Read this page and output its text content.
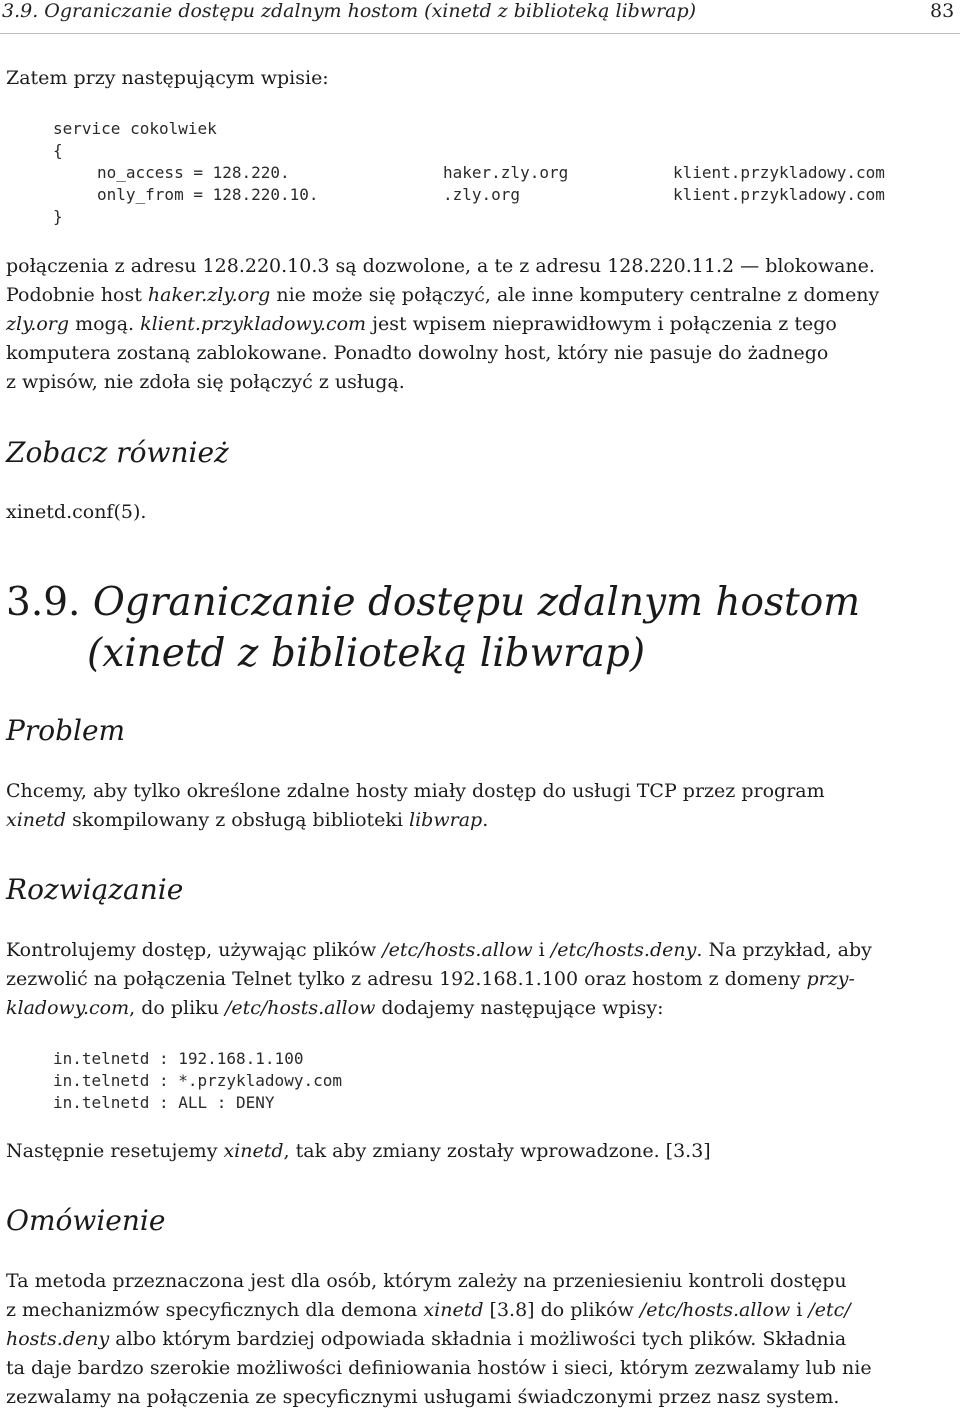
3.9. Ograniczanie dostępu zdalnym hostom (xinetd z biblioteką libwrap)	83
Zatem przy następującym wpisie:
service cokolwiek
{
no_access = 128.220.	haker.zly.org	klient.przykladowy.com
only_from = 128.220.10.	.zly.org	klient.przykladowy.com
}
połączenia z adresu 128.220.10.3 są dozwolone, a te z adresu 128.220.11.2 — blokowane.
Podobnie host haker.zly.org nie może się połączyć, ale inne komputery centralne z domeny
zly.org mogą. klient.przykladowy.com jest wpisem nieprawidłowym i połączenia z tego
komputera zostaną zablokowane. Ponadto dowolny host, który nie pasuje do żadnego
z wpisów, nie zdoła się połączyć z usługą.
Zobacz również
xinetd.conf(5).
3.9. Ograniczanie dostępu zdalnym hostom
(xinetd z biblioteką libwrap)
Problem
Chcemy, aby tylko określone zdalne hosty miały dostęp do usługi TCP przez program
xinetd skompilowany z obsługą biblioteki libwrap.
Rozwiązanie
Kontrolujemy dostęp, używając plików /etc/hosts.allow i /etc/hosts.deny. Na przykład, aby
zezwolić na połączenia Telnet tylko z adresu 192.168.1.100 oraz hostom z domeny przy-
kladowy.com, do pliku /etc/hosts.allow dodajemy następujące wpisy:
in.telnetd : 192.168.1.100
in.telnetd : *.przykladowy.com
in.telnetd : ALL : DENY
Następnie resetujemy xinetd, tak aby zmiany zostały wprowadzone. [3.3]
Omówienie
Ta metoda przeznaczona jest dla osób, którym zależy na przeniesieniu kontroli dostępu
z mechanizmów specyficznych dla demona xinetd [3.8] do plików /etc/hosts.allow i /etc/
hosts.deny albo którym bardziej odpowiada składnia i możliwości tych plików. Składnia
ta daje bardzo szerokie możliwości definiowania hostów i sieci, którym zezwalamy lub nie
zezwalamy na połączenia ze specyficznymi usługami świadczonymi przez nasz system.
